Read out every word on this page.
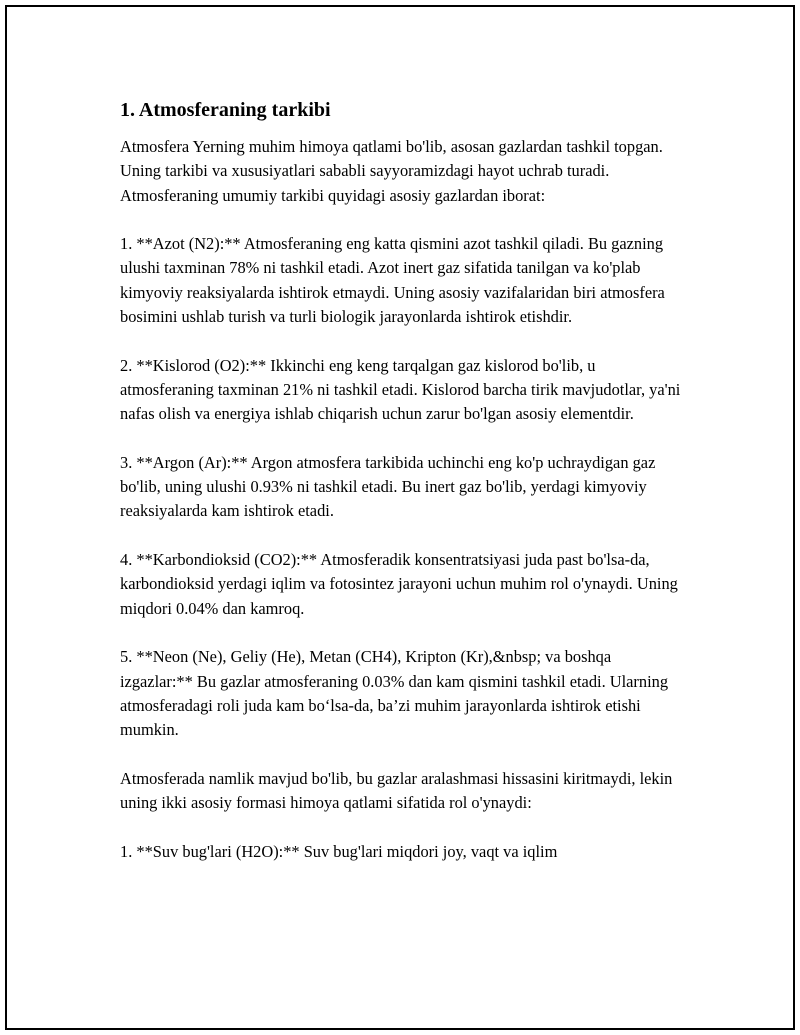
1. Atmosferaning tarkibi

Atmosfera Yerning muhim himoya qatlami bo'lib, asosan gazlardan tashkil topgan. Uning tarkibi va xususiyatlari sababli sayyoramizdagi hayot uchrab turadi. Atmosferaning umumiy tarkibi quyidagi asosiy gazlardan iborat:

1. **Azot (N2):** Atmosferaning eng katta qismini azot tashkil qiladi. Bu gazning ulushi taxminan 78% ni tashkil etadi. Azot inert gaz sifatida tanilgan va ko'plab kimyoviy reaksiyalarda ishtirok etmaydi. Uning asosiy vazifalaridan biri atmosfera bosimini ushlab turish va turli biologik jarayonlarda ishtirok etishdir.

2. **Kislorod (O2):** Ikkinchi eng keng tarqalgan gaz kislorod bo'lib, u atmosferaning taxminan 21% ni tashkil etadi. Kislorod barcha tirik mavjudotlar, ya'ni nafas olish va energiya ishlab chiqarish uchun zarur bo'lgan asosiy elementdir.

3. **Argon (Ar):** Argon atmosfera tarkibida uchinchi eng ko'p uchraydigan gaz bo'lib, uning ulushi 0.93% ni tashkil etadi. Bu inert gaz bo'lib, yerdagi kimyoviy reaksiyalarda kam ishtirok etadi.

4. **Karbondioksid (CO2):** Atmosferadik konsentratsiyasi juda past bo'lsa-da, karbondioksid yerdagi iqlim va fotosintez jarayoni uchun muhim rol o'ynaydi. Uning miqdori 0.04% dan kamroq.

5. **Neon (Ne), Geliy (He), Metan (CH4), Kripton (Kr),&nbsp; va boshqa izgazlar:** Bu gazlar atmosferaning 0.03% dan kam qismini tashkil etadi. Ularning atmosferadagi roli juda kam bo‘lsa-da, ba’zi muhim jarayonlarda ishtirok etishi mumkin.

Atmosferada namlik mavjud bo'lib, bu gazlar aralashmasi hissasini kiritmaydi, lekin uning ikki asosiy formasi himoya qatlami sifatida rol o'ynaydi:

1. **Suv bug'lari (H2O):** Suv bug'lari miqdori joy, vaqt va iqlim
